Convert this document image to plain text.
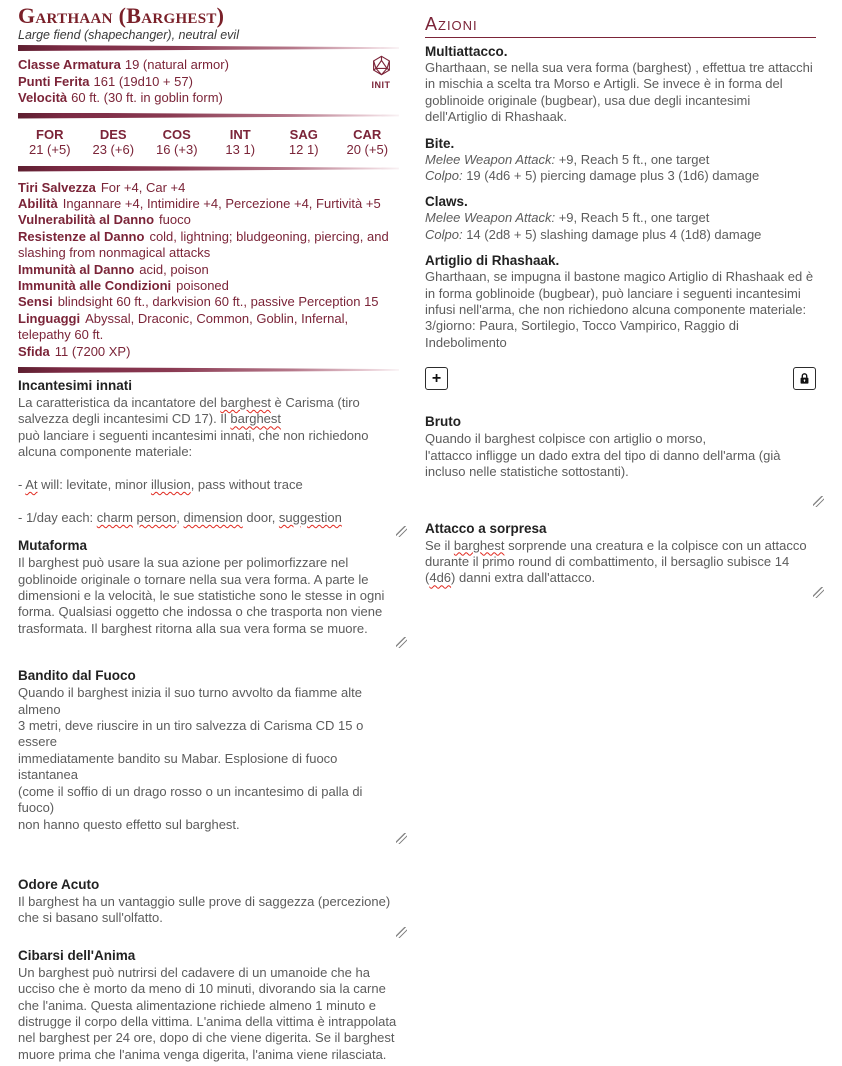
Garthaan (Barghest)
Large fiend (shapechanger), neutral evil
Classe Armatura 19 (natural armor)
Punti Ferita 161 (19d10 + 57)
Velocità 60 ft. (30 ft. in goblin form)
INIT
FOR
21 (+5)
DES
23 (+6)
COS
16 (+3)
INT
13 1)
SAG
12 1)
CAR
20 (+5)
Tiri Salvezza For +4, Car +4
Abilità Ingannare +4, Intimidire +4, Percezione +4, Furtività +5
Vulnerabilità al Danno fuoco
Resistenze al Danno cold, lightning; bludgeoning, piercing, and slashing from nonmagical attacks
Immunità al Danno acid, poison
Immunità alle Condizioni poisoned
Sensi blindsight 60 ft., darkvision 60 ft., passive Perception 15
Linguaggi Abyssal, Draconic, Common, Goblin, Infernal, telepathy 60 ft.
Sfida 11 (7200 XP)
Incantesimi innati
La caratteristica da incantatore del barghest è Carisma (tiro
salvezza degli incantesimi CD 17). Il barghest
può lanciare i seguenti incantesimi innati, che non richiedono
alcuna componente materiale:

- At will: levitate, minor illusion, pass without trace

- 1/day each: charm person, dimension door, suggestion
Mutaforma
Il barghest può usare la sua azione per polimorfizzare nel
goblinoide originale o tornare nella sua vera forma. A parte le
dimensioni e la velocità, le sue statistiche sono le stesse in ogni
forma. Qualsiasi oggetto che indossa o che trasporta non viene
trasformata. Il barghest ritorna alla sua vera forma se muore.
Bandito dal Fuoco
Quando il barghest inizia il suo turno avvolto da fiamme alte almeno
3 metri, deve riuscire in un tiro salvezza di Carisma CD 15 o essere
immediatamente bandito su Mabar. Esplosione di fuoco istantanea
(come il soffio di un drago rosso o un incantesimo di palla di fuoco)
non hanno questo effetto sul barghest.
Odore Acuto
Il barghest ha un vantaggio sulle prove di saggezza (percezione)
che si basano sull'olfatto.
Cibarsi dell'Anima
Un barghest può nutrirsi del cadavere di un umanoide che ha
ucciso che è morto da meno di 10 minuti, divorando sia la carne
che l'anima. Questa alimentazione richiede almeno 1 minuto e
distrugge il corpo della vittima. L'anima della vittima è intrappolata
nel barghest per 24 ore, dopo di che viene digerita. Se il barghest
muore prima che l'anima venga digerita, l'anima viene rilasciata.
Azioni
Multiattacco.
Gharthaan, se nella sua vera forma (barghest) , effettua tre attacchi
in mischia a scelta tra Morso e Artigli. Se invece è in forma del
goblinoide originale (bugbear), usa due degli incantesimi
dell'Artiglio di Rhashaak.
Bite.
Melee Weapon Attack: +9, Reach 5 ft., one target
Colpo: 19 (4d6 + 5) piercing damage plus 3 (1d6) damage
Claws.
Melee Weapon Attack: +9, Reach 5 ft., one target
Colpo: 14 (2d8 + 5) slashing damage plus 4 (1d8) damage
Artiglio di Rhashaak.
Gharthaan, se impugna il bastone magico Artiglio di Rhashaak ed è
in forma goblinoide (bugbear), può lanciare i seguenti incantesimi
infusi nell'arma, che non richiedono alcuna componente materiale:
3/giorno: Paura, Sortilegio, Tocco Vampirico, Raggio di
Indebolimento
+
Bruto
Quando il barghest colpisce con artiglio o morso,
l'attacco infligge un dado extra del tipo di danno dell'arma (già
incluso nelle statistiche sottostanti).
Attacco a sorpresa
Se il barghest sorprende una creatura e la colpisce con un attacco
durante il primo round di combattimento, il bersaglio subisce 14
(4d6) danni extra dall'attacco.
